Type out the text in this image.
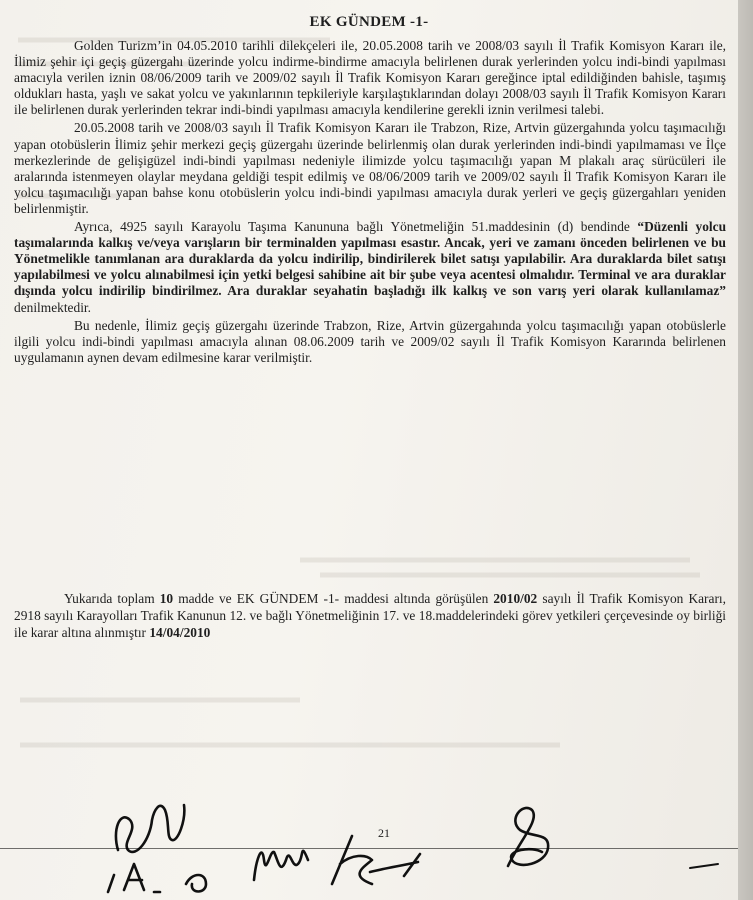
EK GÜNDEM -1-

Golden Turizm’in 04.05.2010 tarihli dilekçeleri ile, 20.05.2008 tarih ve 2008/03 sayılı İl Trafik Komisyon Kararı ile, İlimiz şehir içi geçiş güzergahı üzerinde yolcu indirme-bindirme amacıyla belirlenen durak yerlerinden yolcu indi-bindi yapılması amacıyla verilen iznin 08/06/2009 tarih ve 2009/02 sayılı İl Trafik Komisyon Kararı gereğince iptal edildiğinden bahisle, taşımış oldukları hasta, yaşlı ve sakat yolcu ve yakınlarının tepkileriyle karşılaştıklarından dolayı 2008/03 sayılı İl Trafik Komisyon Kararı ile belirlenen durak yerlerinden tekrar indi-bindi yapılması amacıyla kendilerine gerekli iznin verilmesi talebi.

20.05.2008 tarih ve 2008/03 sayılı İl Trafik Komisyon Kararı ile Trabzon, Rize, Artvin güzergahında yolcu taşımacılığı yapan otobüslerin İlimiz şehir merkezi geçiş güzergahı üzerinde belirlenmiş olan durak yerlerinden indi-bindi yapılmaması ve İlçe merkezlerinde de gelişigüzel indi-bindi yapılması nedeniyle ilimizde yolcu taşımacılığı yapan M plakalı araç sürücüleri ile aralarında istenmeyen olaylar meydana geldiği tespit edilmiş ve 08/06/2009 tarih ve 2009/02 sayılı İl Trafik Komisyon Kararı ile yolcu taşımacılığı yapan bahse konu otobüslerin yolcu indi-bindi yapılması amacıyla durak yerleri ve geçiş güzergahları yeniden belirlenmiştir.

Ayrıca, 4925 sayılı Karayolu Taşıma Kanununa bağlı Yönetmeliğin 51.maddesinin (d) bendinde “Düzenli yolcu taşımalarında kalkış ve/veya varışların bir terminalden yapılması esastır. Ancak, yeri ve zamanı önceden belirlenen ve bu Yönetmelikle tanımlanan ara duraklarda da yolcu indirilip, bindirilerek bilet satışı yapılabilir. Ara duraklarda bilet satışı yapılabilmesi ve yolcu alınabilmesi için yetki belgesi sahibine ait bir şube veya acentesi olmalıdır. Terminal ve ara duraklar dışında yolcu indirilip bindirilmez. Ara duraklar seyahatin başladığı ilk kalkış ve son varış yeri olarak kullanılamaz” denilmektedir.

Bu nedenle, İlimiz geçiş güzergahı üzerinde Trabzon, Rize, Artvin güzergahında yolcu taşımacılığı yapan otobüslerle ilgili yolcu indi-bindi yapılması amacıyla alınan 08.06.2009 tarih ve 2009/02 sayılı İl Trafik Komisyon Kararında belirlenen uygulamanın aynen devam edilmesine karar verilmiştir.

Yukarıda toplam 10 madde ve EK GÜNDEM -1- maddesi altında görüşülen 2010/02 sayılı İl Trafik Komisyon Kararı, 2918 sayılı Karayolları Trafik Kanunun 12. ve bağlı Yönetmeliğinin 17. ve 18.maddelerindeki görev yetkileri çerçevesinde oy birliği ile karar altına alınmıştır 14/04/2010

21
